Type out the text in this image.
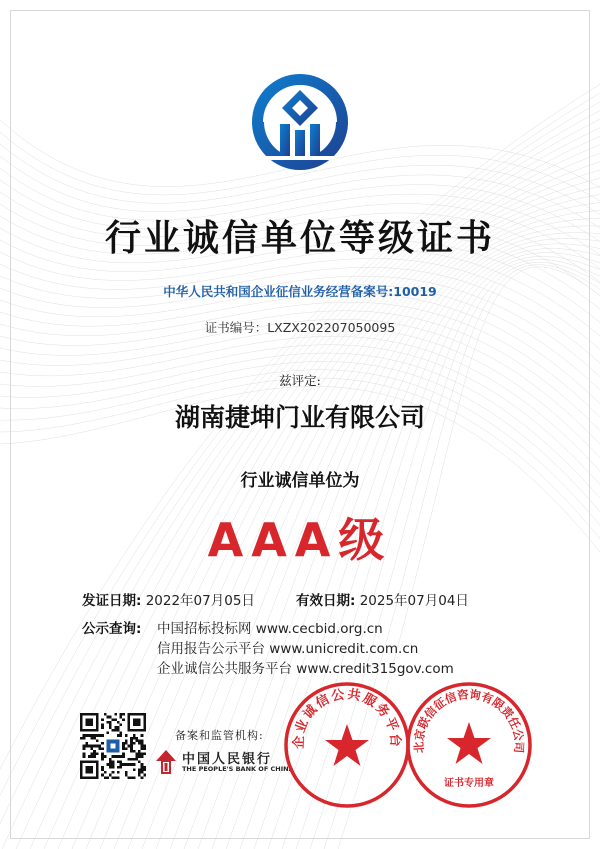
行业诚信单位等级证书
中华人民共和国企业征信业务经营备案号:10019
证书编号：LXZX202207050095
兹评定:
湖南捷坤门业有限公司
行业诚信单位为
AAA级
发证日期: 2022年07月05日	有效日期: 2025年07月04日
公示查询: 中国招标投标网 www.cecbid.org.cn
信用报告公示平台 www.unicredit.com.cn
企业诚信公共服务平台 www.credit315gov.com
备案和监管机构:
中国人民银行
THE PEOPLE'S BANK OF CHINA
企业诚信公共服务平台 北京联信征信咨询有限责任公司
证书专用章
